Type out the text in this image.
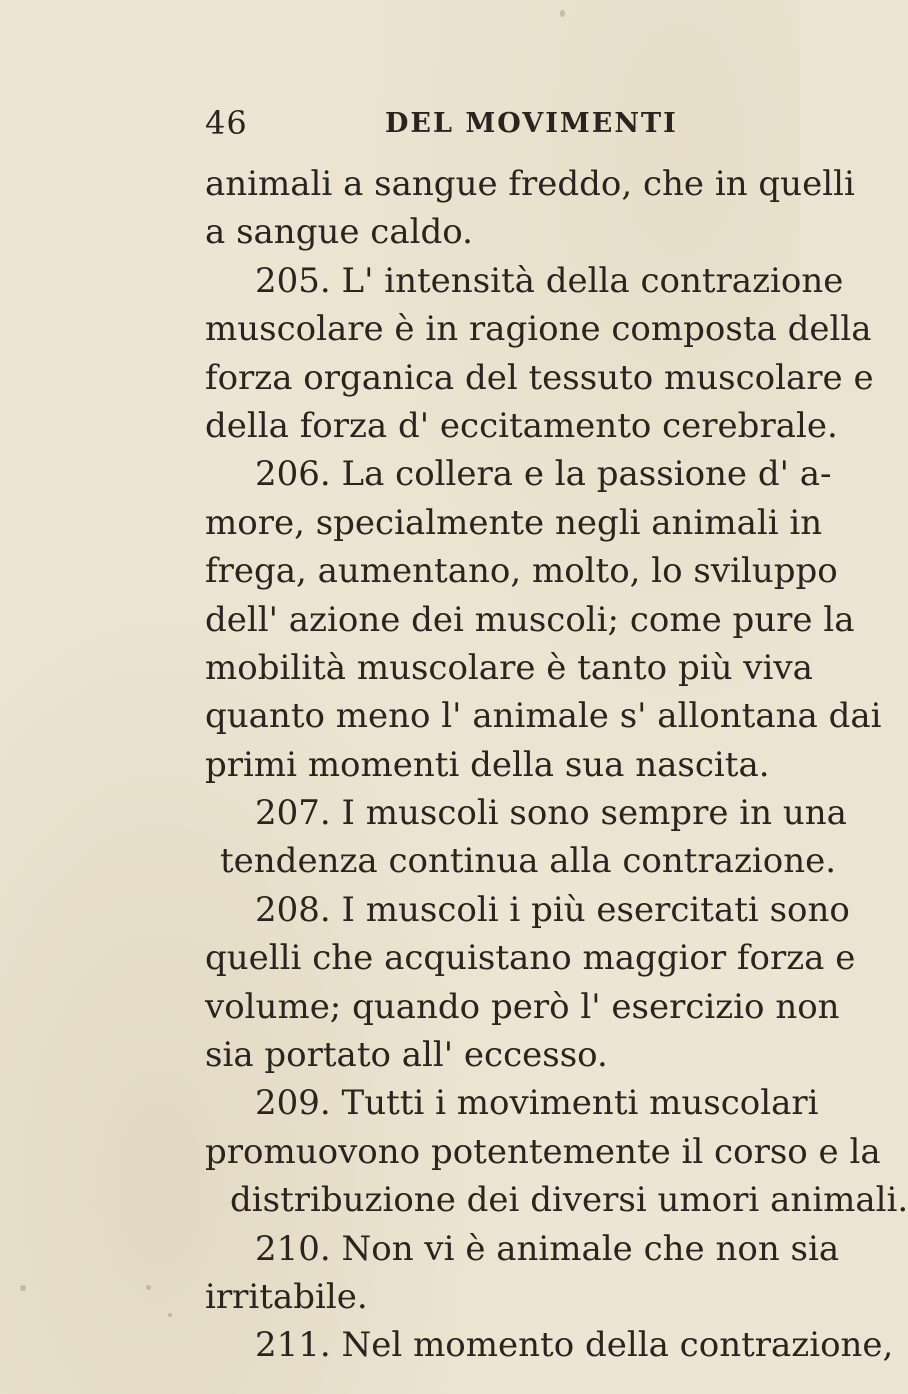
46	DEL MOVIMENTI
animali a sangue freddo, che in quelli
a sangue caldo.
205. L' intensità della contrazione
muscolare è in ragione composta della
forza organica del tessuto muscolare e
della forza d' eccitamento cerebrale.
206. La collera e la passione d' a-
more, specialmente negli animali in
frega, aumentano, molto, lo sviluppo
dell' azione dei muscoli; come pure la
mobilità muscolare è tanto più viva
quanto meno l' animale s' allontana dai
primi momenti della sua nascita.
207. I muscoli sono sempre in una
tendenza continua alla contrazione.
208. I muscoli i più esercitati sono
quelli che acquistano maggior forza e
volume; quando però l' esercizio non
sia portato all' eccesso.
209. Tutti i movimenti muscolari
promuovono potentemente il corso e la
distribuzione dei diversi umori animali.
210. Non vi è animale che non sia
irritabile.
211. Nel momento della contrazione,
